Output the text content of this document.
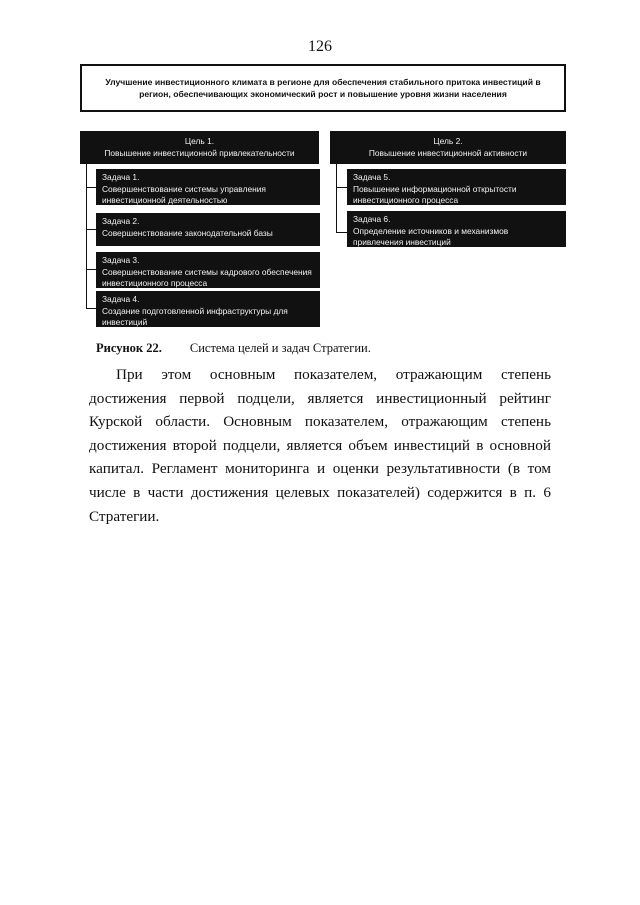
126
Улучшение инвестиционного климата в регионе для обеспечения стабильного притока инвестиций в регион, обеспечивающих экономический рост и повышение уровня жизни населения
Цель 1.
Повышение инвестиционной привлекательности
Цель 2.
Повышение инвестиционной активности
Задача 1.
Совершенствование системы управления инвестиционной деятельностью
Задача 2.
Совершенствование законодательной базы
Задача 3.
Совершенствование системы кадрового обеспечения инвестиционного процесса
Задача 4.
Создание подготовленной инфраструктуры для инвестиций
Задача 5.
Повышение информационной открытости инвестиционного процесса
Задача 6.
Определение источников и механизмов привлечения инвестиций
Рисунок 22. Система целей и задач Стратегии.

При этом основным показателем, отражающим степень достижения первой подцели, является инвестиционный рейтинг Курской области. Основным показателем, отражающим степень достижения второй подцели, является объем инвестиций в основной капитал. Регламент мониторинга и оценки результативности (в том числе в части достижения целевых показателей) содержится в п. 6 Стратегии.
